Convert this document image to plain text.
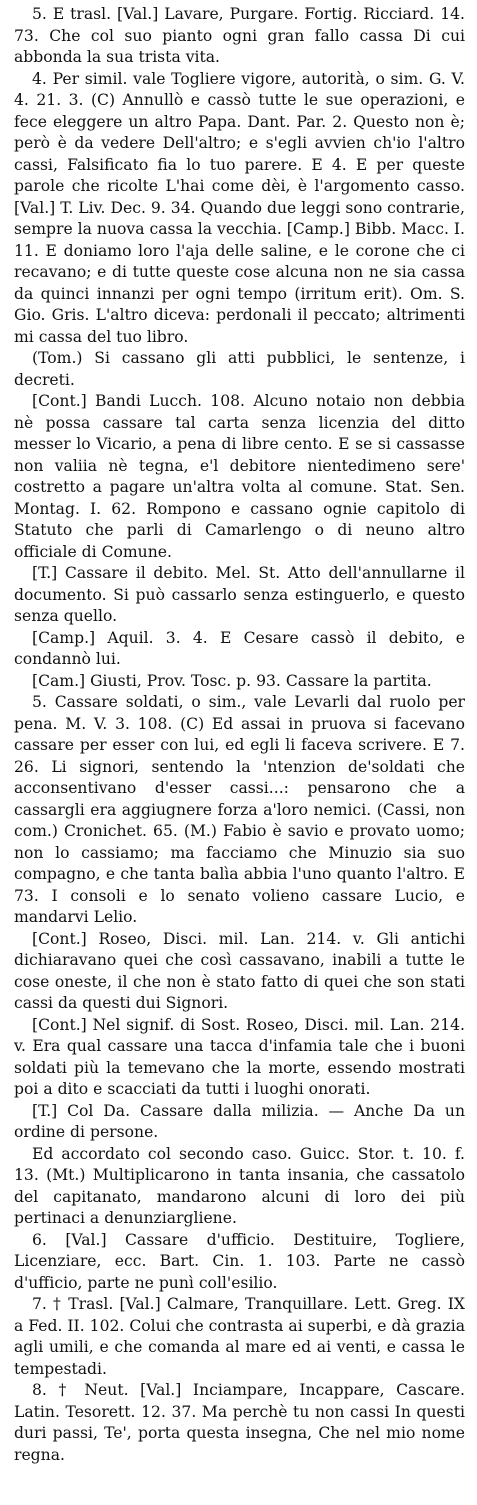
5. E trasl. [Val.] Lavare, Purgare. Fortig. Ricciard. 14. 73. Che col suo pianto ogni gran fallo cassa Di cui abbonda la sua trista vita.

4. Per simil. vale Togliere vigore, autorità, o sim. G. V. 4. 21. 3. (C) Annullò e cassò tutte le sue operazioni, e fece eleggere un altro Papa. Dant. Par. 2. Questo non è; però è da vedere Dell'altro; e s'egli avvien ch'io l'altro cassi, Falsificato fia lo tuo parere. E 4. E per queste parole che ricolte L'hai come dèi, è l'argomento casso. [Val.] T. Liv. Dec. 9. 34. Quando due leggi sono contrarie, sempre la nuova cassa la vecchia. [Camp.] Bibb. Macc. I. 11. E doniamo loro l'aja delle saline, e le corone che ci recavano; e di tutte queste cose alcuna non ne sia cassa da quinci innanzi per ogni tempo (irritum erit). Om. S. Gio. Gris. L'altro diceva: perdonali il peccato; altrimenti mi cassa del tuo libro.

(Tom.) Si cassano gli atti pubblici, le sentenze, i decreti.

[Cont.] Bandi Lucch. 108. Alcuno notaio non debbia nè possa cassare tal carta senza licenzia del ditto messer lo Vicario, a pena di libre cento. E se si cassasse non valiia nè tegna, e'l debitore nientedimeno sere' costretto a pagare un'altra volta al comune. Stat. Sen. Montag. I. 62. Rompono e cassano ognie capitolo di Statuto che parli di Camarlengo o di neuno altro officiale di Comune.

[T.] Cassare il debito. Mel. St. Atto dell'annullarne il documento. Si può cassarlo senza estinguerlo, e questo senza quello.

[Camp.] Aquil. 3. 4. E Cesare cassò il debito, e condannò lui.

[Cam.] Giusti, Prov. Tosc. p. 93. Cassare la partita.

5. Cassare soldati, o sim., vale Levarli dal ruolo per pena. M. V. 3. 108. (C) Ed assai in pruova si facevano cassare per esser con lui, ed egli li faceva scrivere. E 7. 26. Li signori, sentendo la 'ntenzion de'soldati che acconsentivano d'esser cassi...: pensarono che a cassargli era aggiugnere forza a'loro nemici. (Cassi, non com.) Cronichet. 65. (M.) Fabio è savio e provato uomo; non lo cassiamo; ma facciamo che Minuzio sia suo compagno, e che tanta balìa abbia l'uno quanto l'altro. E 73. I consoli e lo senato volieno cassare Lucio, e mandarvi Lelio.

[Cont.] Roseo, Disci. mil. Lan. 214. v. Gli antichi dichiaravano quei che così cassavano, inabili a tutte le cose oneste, il che non è stato fatto di quei che son stati cassi da questi dui Signori.

[Cont.] Nel signif. di Sost. Roseo, Disci. mil. Lan. 214. v. Era qual cassare una tacca d'infamia tale che i buoni soldati più la temevano che la morte, essendo mostrati poi a dito e scacciati da tutti i luoghi onorati.

[T.] Col Da. Cassare dalla milizia. — Anche Da un ordine di persone.

Ed accordato col secondo caso. Guicc. Stor. t. 10. f. 13. (Mt.) Multiplicarono in tanta insania, che cassatolo del capitanato, mandarono alcuni di loro dei più pertinaci a denunziargliene.

6. [Val.] Cassare d'ufficio. Destituire, Togliere, Licenziare, ecc. Bart. Cin. 1. 103. Parte ne cassò d'ufficio, parte ne punì coll'esilio.

7. † Trasl. [Val.] Calmare, Tranquillare. Lett. Greg. IX a Fed. II. 102. Colui che contrasta ai superbi, e dà grazia agli umili, e che comanda al mare ed ai venti, e cassa le tempestadi.

8. † Neut. [Val.] Inciampare, Incappare, Cascare. Latin. Tesorett. 12. 37. Ma perchè tu non cassi In questi duri passi, Te', porta questa insegna, Che nel mio nome regna.
